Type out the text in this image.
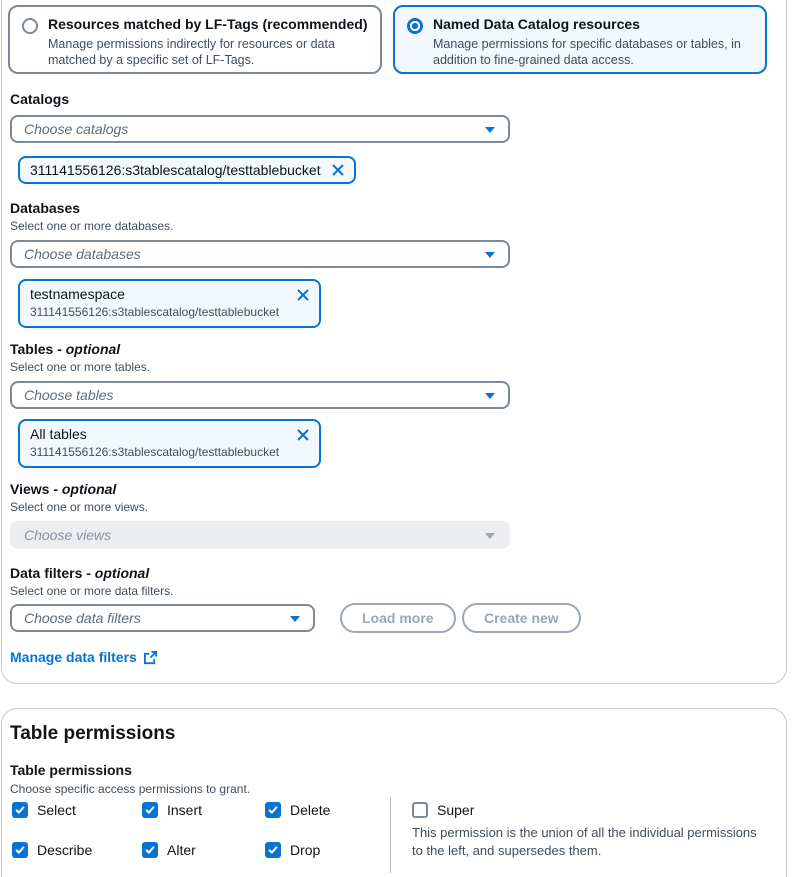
Resources matched by LF-Tags (recommended)
Manage permissions indirectly for resources or data matched by a specific set of LF-Tags.
Named Data Catalog resources
Manage permissions for specific databases or tables, in addition to fine-grained data access.
Catalogs
Choose catalogs
311141556126:s3tablescatalog/testtablebucket
Databases
Select one or more databases.
Choose databases
testnamespace
311141556126:s3tablescatalog/testtablebucket
Tables - optional
Select one or more tables.
Choose tables
All tables
311141556126:s3tablescatalog/testtablebucket
Views - optional
Select one or more views.
Choose views
Data filters - optional
Select one or more data filters.
Choose data filters	Load more	Create new
Manage data filters
Table permissions
Table permissions
Choose specific access permissions to grant.
Select	Insert	Delete
Describe	Alter	Drop
Super
This permission is the union of all the individual permissions to the left, and supersedes them.
